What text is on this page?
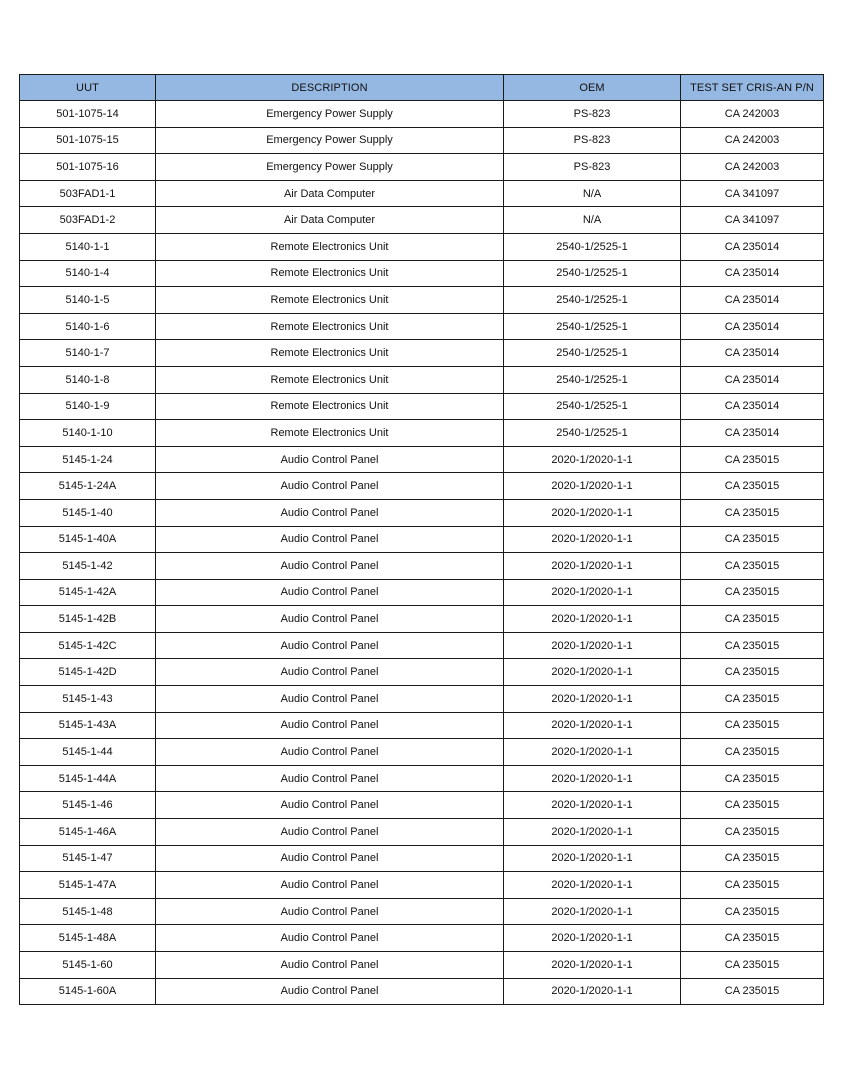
UUT	DESCRIPTION	OEM	TEST SET CRIS-AN P/N
501-1075-14	Emergency Power Supply	PS-823	CA 242003
501-1075-15	Emergency Power Supply	PS-823	CA 242003
501-1075-16	Emergency Power Supply	PS-823	CA 242003
503FAD1-1	Air Data Computer	N/A	CA 341097
503FAD1-2	Air Data Computer	N/A	CA 341097
5140-1-1	Remote Electronics Unit	2540-1/2525-1	CA 235014
5140-1-4	Remote Electronics Unit	2540-1/2525-1	CA 235014
5140-1-5	Remote Electronics Unit	2540-1/2525-1	CA 235014
5140-1-6	Remote Electronics Unit	2540-1/2525-1	CA 235014
5140-1-7	Remote Electronics Unit	2540-1/2525-1	CA 235014
5140-1-8	Remote Electronics Unit	2540-1/2525-1	CA 235014
5140-1-9	Remote Electronics Unit	2540-1/2525-1	CA 235014
5140-1-10	Remote Electronics Unit	2540-1/2525-1	CA 235014
5145-1-24	Audio Control Panel	2020-1/2020-1-1	CA 235015
5145-1-24A	Audio Control Panel	2020-1/2020-1-1	CA 235015
5145-1-40	Audio Control Panel	2020-1/2020-1-1	CA 235015
5145-1-40A	Audio Control Panel	2020-1/2020-1-1	CA 235015
5145-1-42	Audio Control Panel	2020-1/2020-1-1	CA 235015
5145-1-42A	Audio Control Panel	2020-1/2020-1-1	CA 235015
5145-1-42B	Audio Control Panel	2020-1/2020-1-1	CA 235015
5145-1-42C	Audio Control Panel	2020-1/2020-1-1	CA 235015
5145-1-42D	Audio Control Panel	2020-1/2020-1-1	CA 235015
5145-1-43	Audio Control Panel	2020-1/2020-1-1	CA 235015
5145-1-43A	Audio Control Panel	2020-1/2020-1-1	CA 235015
5145-1-44	Audio Control Panel	2020-1/2020-1-1	CA 235015
5145-1-44A	Audio Control Panel	2020-1/2020-1-1	CA 235015
5145-1-46	Audio Control Panel	2020-1/2020-1-1	CA 235015
5145-1-46A	Audio Control Panel	2020-1/2020-1-1	CA 235015
5145-1-47	Audio Control Panel	2020-1/2020-1-1	CA 235015
5145-1-47A	Audio Control Panel	2020-1/2020-1-1	CA 235015
5145-1-48	Audio Control Panel	2020-1/2020-1-1	CA 235015
5145-1-48A	Audio Control Panel	2020-1/2020-1-1	CA 235015
5145-1-60	Audio Control Panel	2020-1/2020-1-1	CA 235015
5145-1-60A	Audio Control Panel	2020-1/2020-1-1	CA 235015
